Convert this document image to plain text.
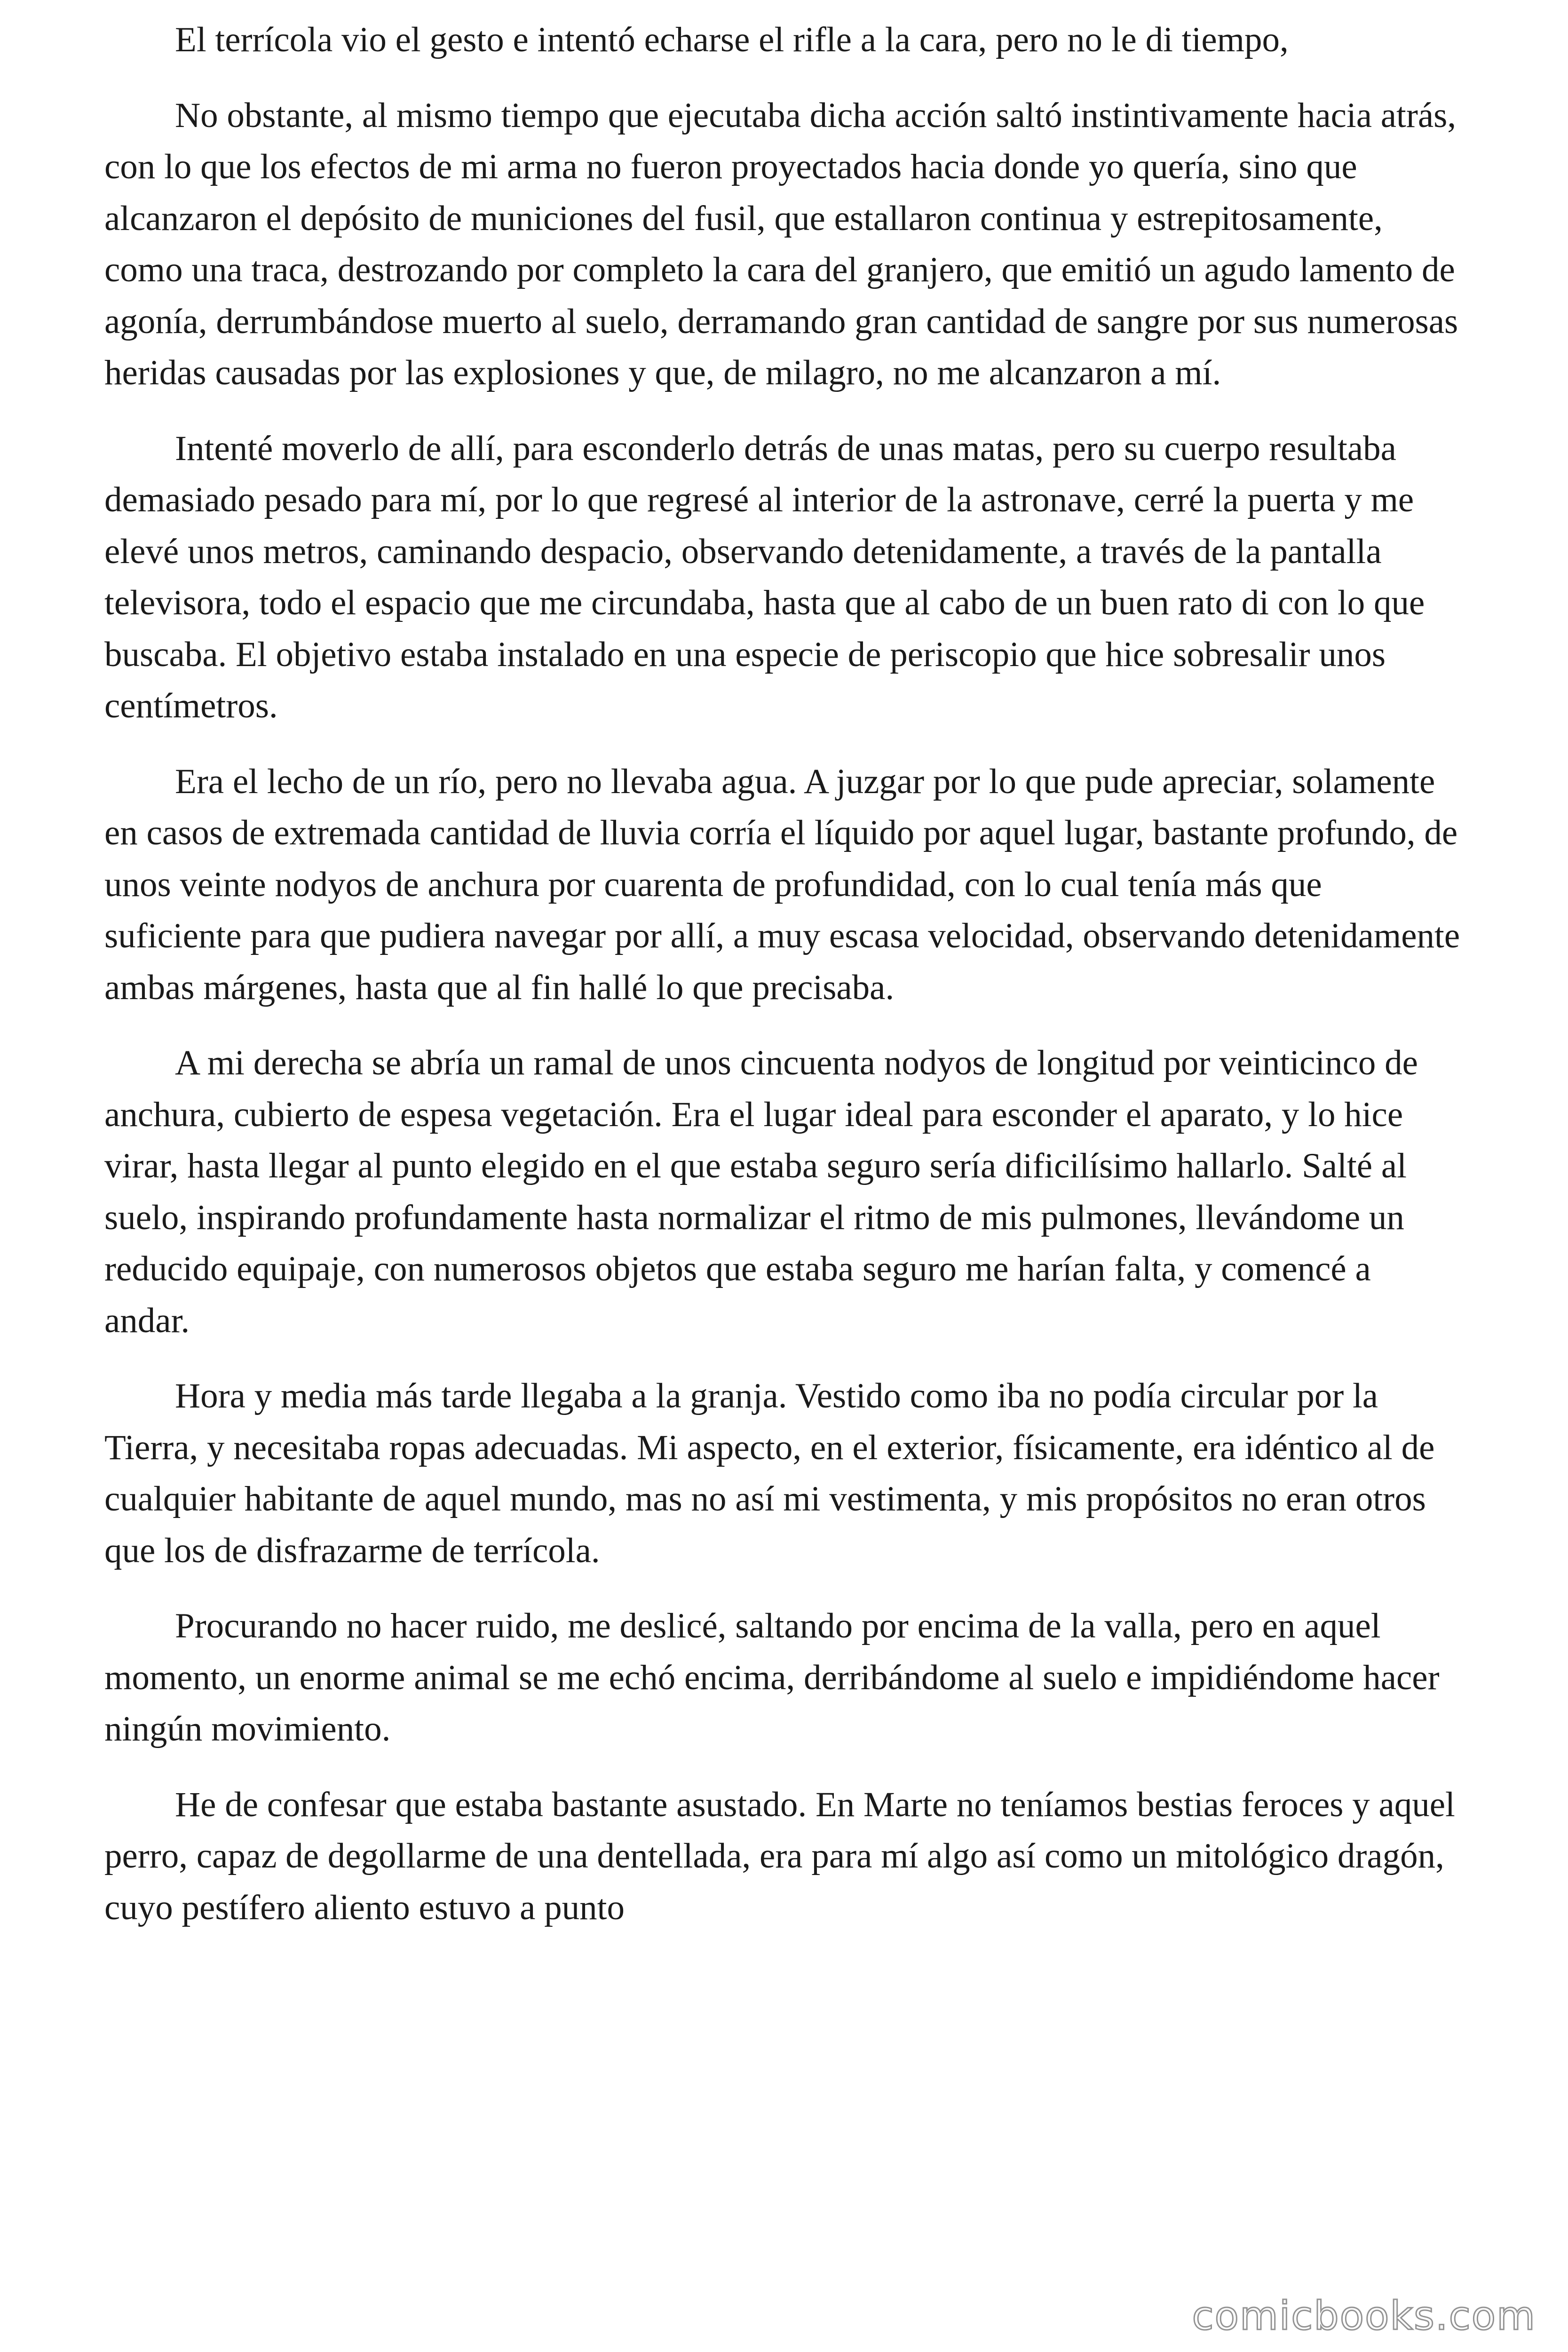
El terrícola vio el gesto e intentó echarse el rifle a la cara, pero no le di tiempo,

No obstante, al mismo tiempo que ejecutaba dicha acción saltó instintivamente hacia atrás, con lo que los efectos de mi arma no fueron proyectados hacia donde yo quería, sino que alcanzaron el depósito de municiones del fusil, que estallaron continua y estrepitosamente, como una traca, destrozando por completo la cara del granjero, que emitió un agudo lamento de agonía, derrumbándose muerto al suelo, derramando gran cantidad de sangre por sus numerosas heridas causadas por las explosiones y que, de milagro, no me alcanzaron a mí.

Intenté moverlo de allí, para esconderlo detrás de unas matas, pero su cuerpo resultaba demasiado pesado para mí, por lo que regresé al interior de la astronave, cerré la puerta y me elevé unos metros, caminando despacio, observando detenidamente, a través de la pantalla televisora, todo el espacio que me circundaba, hasta que al cabo de un buen rato di con lo que buscaba. El objetivo estaba instalado en una especie de periscopio que hice sobresalir unos centímetros.

Era el lecho de un río, pero no llevaba agua. A juzgar por lo que pude apreciar, solamente en casos de extremada cantidad de lluvia corría el líquido por aquel lugar, bastante profundo, de unos veinte nodyos de anchura por cuarenta de profundidad, con lo cual tenía más que suficiente para que pudiera navegar por allí, a muy escasa velocidad, observando detenidamente ambas márgenes, hasta que al fin hallé lo que precisaba.

A mi derecha se abría un ramal de unos cincuenta nodyos de longitud por veinticinco de anchura, cubierto de espesa vegetación. Era el lugar ideal para esconder el aparato, y lo hice virar, hasta llegar al punto elegido en el que estaba seguro sería dificilísimo hallarlo. Salté al suelo, inspirando profundamente hasta normalizar el ritmo de mis pulmones, llevándome un reducido equipaje, con numerosos objetos que estaba seguro me harían falta, y comencé a andar.

Hora y media más tarde llegaba a la granja. Vestido como iba no podía circular por la Tierra, y necesitaba ropas adecuadas. Mi aspecto, en el exterior, físicamente, era idéntico al de cualquier habitante de aquel mundo, mas no así mi vestimenta, y mis propósitos no eran otros que los de disfrazarme de terrícola.

Procurando no hacer ruido, me deslicé, saltando por encima de la valla, pero en aquel momento, un enorme animal se me echó encima, derribándome al suelo e impidiéndome hacer ningún movimiento.

He de confesar que estaba bastante asustado. En Marte no teníamos bestias feroces y aquel perro, capaz de degollarme de una dentellada, era para mí algo así como un mitológico dragón, cuyo pestífero aliento estuvo a punto

comicbooks.com
